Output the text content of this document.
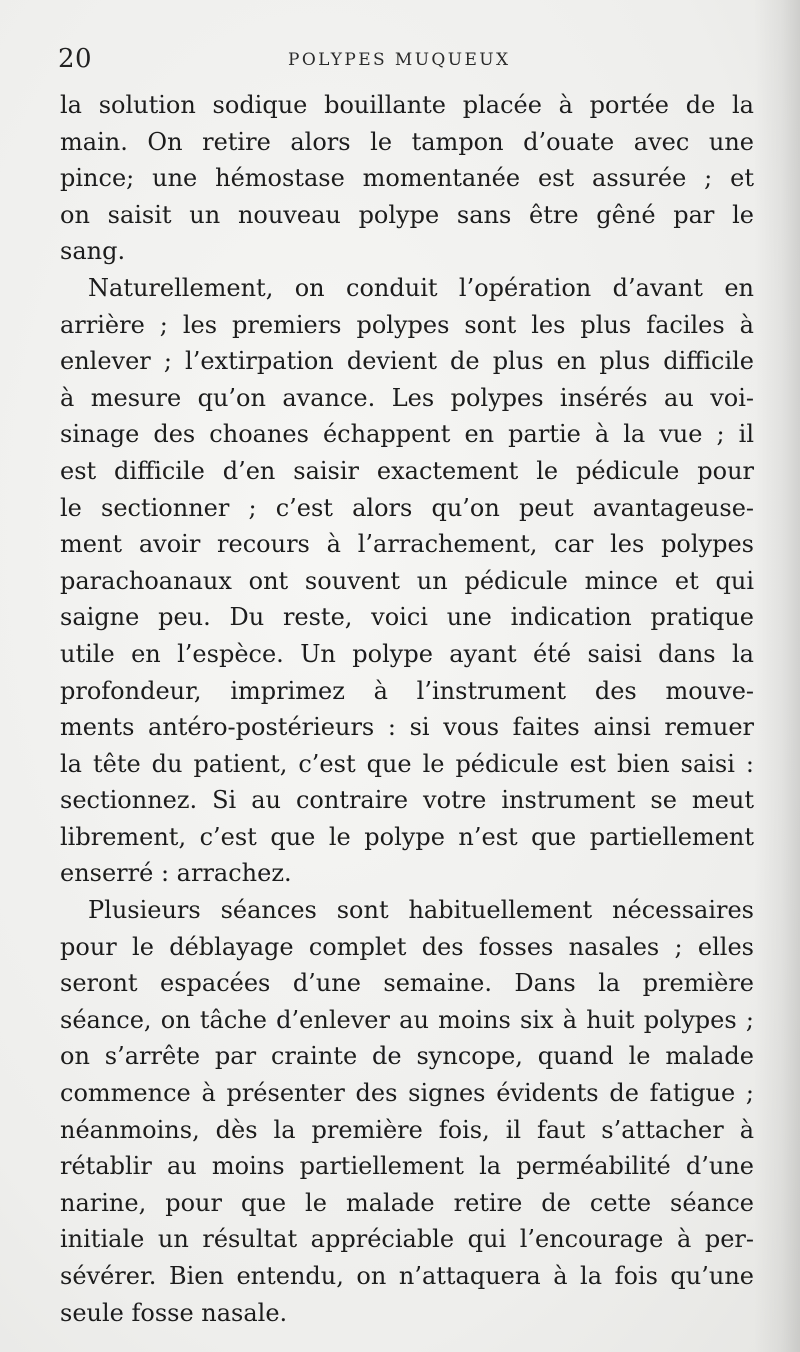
20	POLYPES MUQUEUX
la solution sodique bouillante placée à portée de la
main. On retire alors le tampon d’ouate avec une
pince; une hémostase momentanée est assurée ; et
on saisit un nouveau polype sans être gêné par le
sang.
Naturellement, on conduit l’opération d’avant en
arrière ; les premiers polypes sont les plus faciles à
enlever ; l’extirpation devient de plus en plus difficile
à mesure qu’on avance. Les polypes insérés au voi-
sinage des choanes échappent en partie à la vue ; il
est difficile d’en saisir exactement le pédicule pour
le sectionner ; c’est alors qu’on peut avantageuse-
ment avoir recours à l’arrachement, car les polypes
parachoanaux ont souvent un pédicule mince et qui
saigne peu. Du reste, voici une indication pratique
utile en l’espèce. Un polype ayant été saisi dans la
profondeur, imprimez à l’instrument des mouve-
ments antéro-postérieurs : si vous faites ainsi remuer
la tête du patient, c’est que le pédicule est bien saisi :
sectionnez. Si au contraire votre instrument se meut
librement, c’est que le polype n’est que partiellement
enserré : arrachez.
Plusieurs séances sont habituellement nécessaires
pour le déblayage complet des fosses nasales ; elles
seront espacées d’une semaine. Dans la première
séance, on tâche d’enlever au moins six à huit polypes ;
on s’arrête par crainte de syncope, quand le malade
commence à présenter des signes évidents de fatigue ;
néanmoins, dès la première fois, il faut s’attacher à
rétablir au moins partiellement la perméabilité d’une
narine, pour que le malade retire de cette séance
initiale un résultat appréciable qui l’encourage à per-
sévérer. Bien entendu, on n’attaquera à la fois qu’une
seule fosse nasale.
